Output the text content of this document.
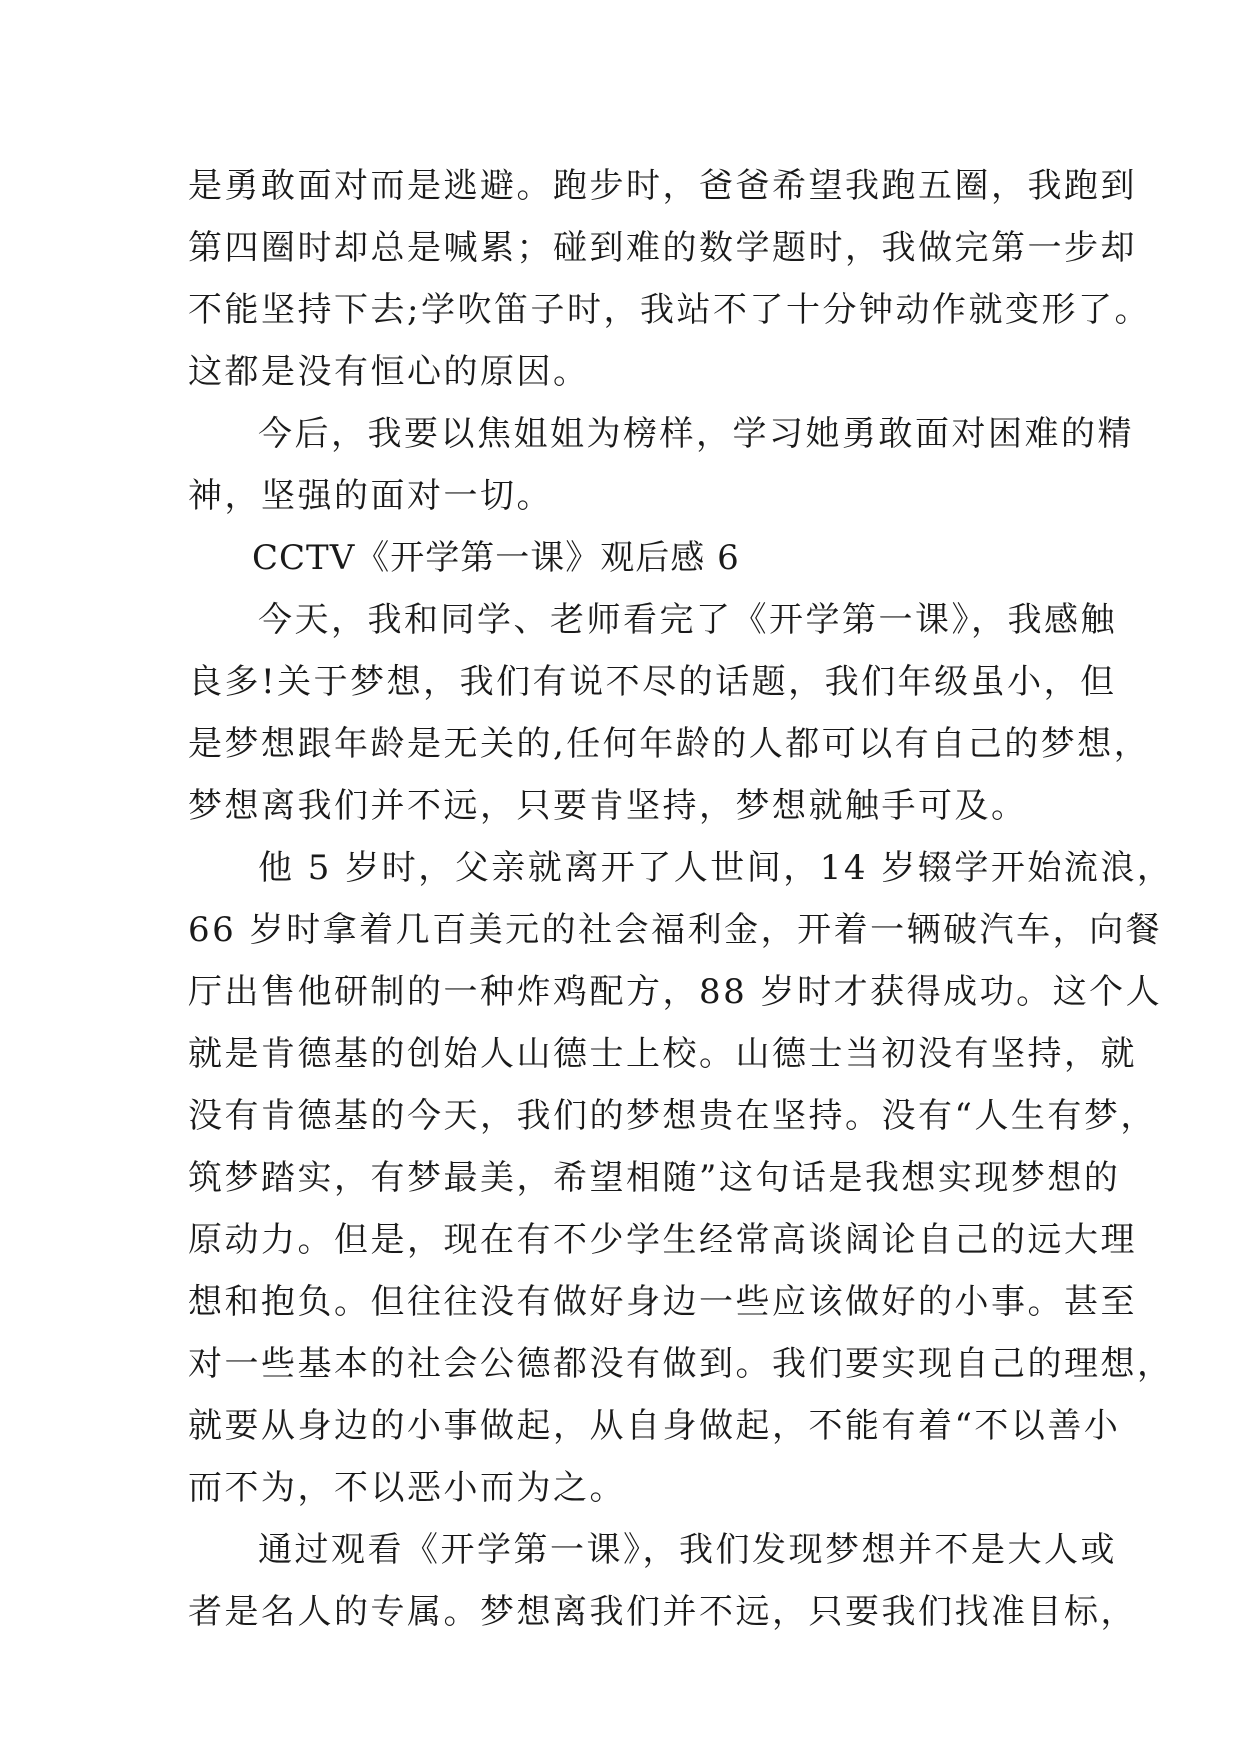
是勇敢面对而是逃避。跑步时，爸爸希望我跑五圈，我跑到
第四圈时却总是喊累；碰到难的数学题时，我做完第一步却
不能坚持下去;学吹笛子时，我站不了十分钟动作就变形了。
这都是没有恒心的原因。
今后，我要以焦姐姐为榜样，学习她勇敢面对困难的精
神，坚强的面对一切。
CCTV《开学第一课》观后感 6
今天，我和同学、老师看完了《开学第一课》，我感触
良多!关于梦想，我们有说不尽的话题，我们年级虽小，但
是梦想跟年龄是无关的,任何年龄的人都可以有自己的梦想，
梦想离我们并不远，只要肯坚持，梦想就触手可及。
他 5 岁时，父亲就离开了人世间，14 岁辍学开始流浪，
66 岁时拿着几百美元的社会福利金，开着一辆破汽车，向餐
厅出售他研制的一种炸鸡配方，88 岁时才获得成功。这个人
就是肯德基的创始人山德士上校。山德士当初没有坚持，就
没有肯德基的今天，我们的梦想贵在坚持。没有“人生有梦，
筑梦踏实，有梦最美，希望相随”这句话是我想实现梦想的
原动力。但是，现在有不少学生经常高谈阔论自己的远大理
想和抱负。但往往没有做好身边一些应该做好的小事。甚至
对一些基本的社会公德都没有做到。我们要实现自己的理想，
就要从身边的小事做起，从自身做起，不能有着“不以善小
而不为，不以恶小而为之。
通过观看《开学第一课》，我们发现梦想并不是大人或
者是名人的专属。梦想离我们并不远，只要我们找准目标，
